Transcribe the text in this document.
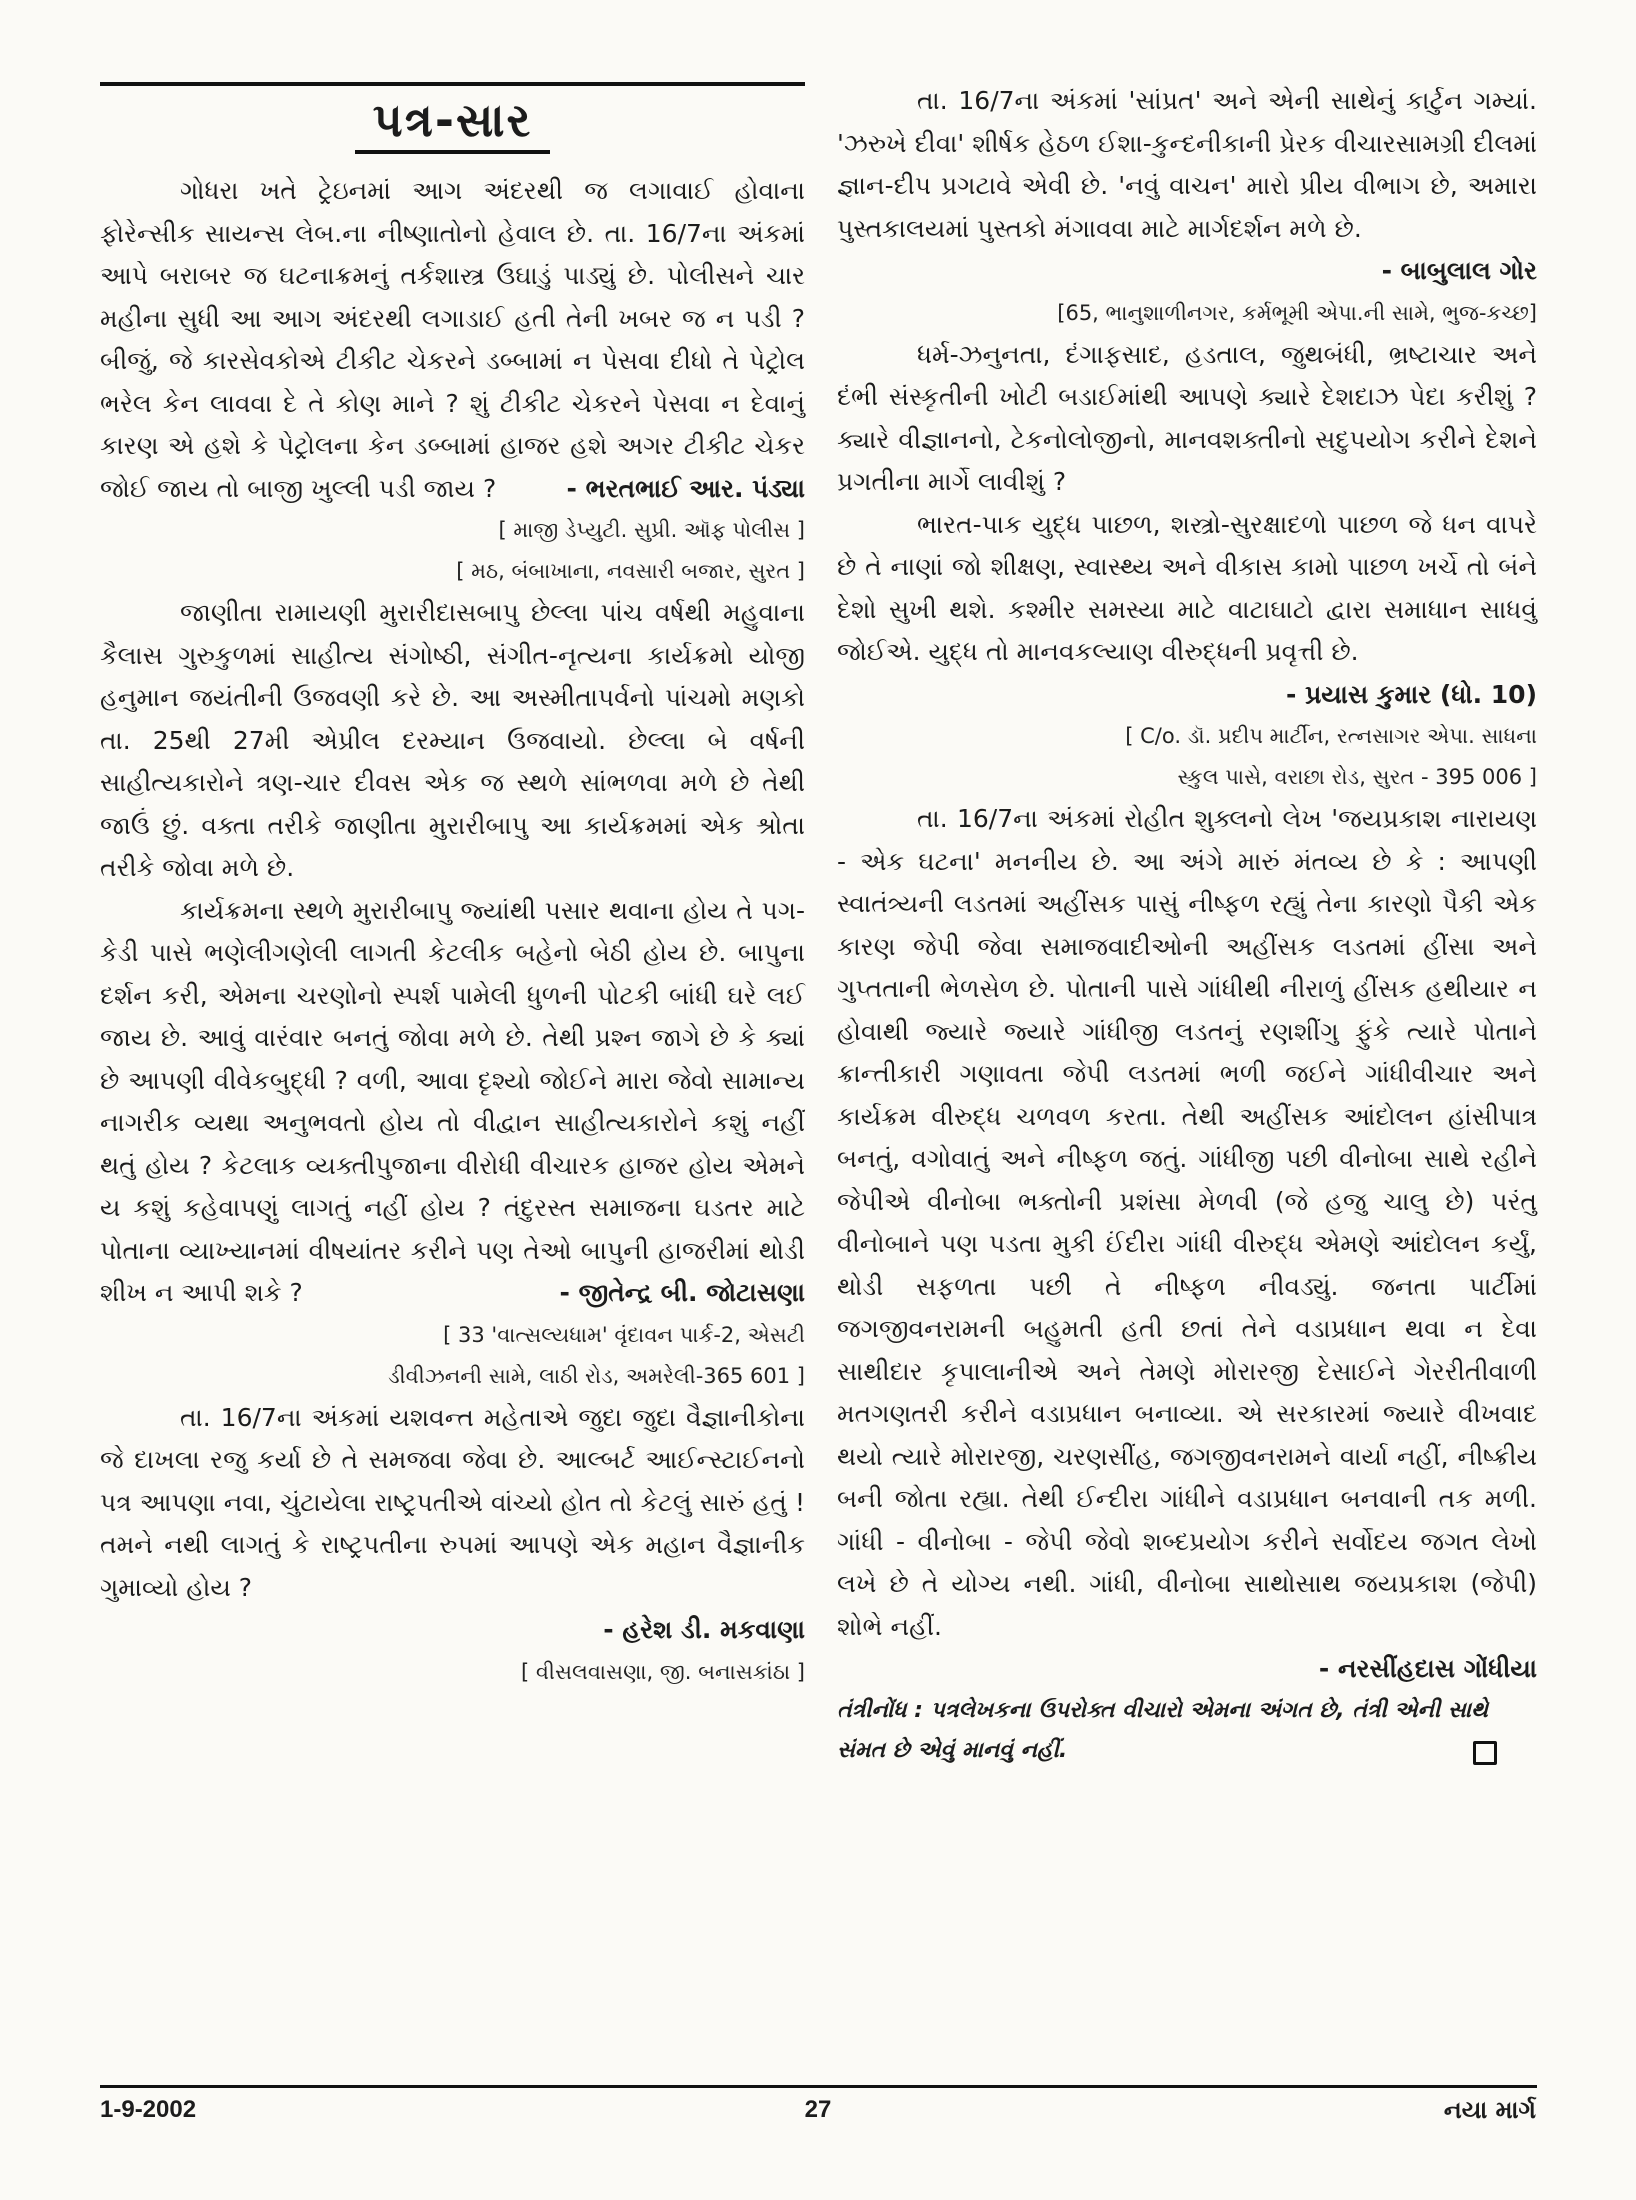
પત્ર-સાર

ગોધરા ખતે ટ્રેઇનમાં આગ અંદરથી જ લગાવાઈ હોવાના ફોરેન્સીક સાયન્સ લેબ.ના નીષ્ણાતોનો હેવાલ છે. તા. 16/7ના અંકમાં આપે બરાબર જ ઘટનાક્રમનું તર્કશાસ્ત્ર ઉઘાડું પાડ્યું છે. પોલીસને ચાર મહીના સુધી આ આગ અંદરથી લગાડાઈ હતી તેની ખબર જ ન પડી ? બીજું, જે કારસેવકોએ ટીકીટ ચેકરને ડબ્બામાં ન પેસવા દીધો તે પેટ્રોલ ભરેલ કેન લાવવા દે તે કોણ માને ? શું ટીકીટ ચેકરને પેસવા ન દેવાનું કારણ એ હશે કે પેટ્રોલના કેન ડબ્બામાં હાજર હશે અગર ટીકીટ ચેકર જોઈ જાય તો બાજી ખુલ્લી પડી જાય ?	- ભરતભાઈ આર. પંડ્યા

[ માજી ડેપ્યુટી. સુપ્રી. ઑફ પોલીસ ]

[ મઠ, બંબાખાના, નવસારી બજાર, સુરત ]

જાણીતા રામાયણી મુરારીદાસબાપુ છેલ્લા પાંચ વર્ષથી મહુવાના કૈલાસ ગુરુકુળમાં સાહીત્ય સંગોષ્ઠી, સંગીત-નૃત્યના કાર્યક્રમો યોજી હનુમાન જયંતીની ઉજવણી કરે છે. આ અસ્મીતાપર્વનો પાંચમો મણકો તા. 25થી 27મી એપ્રીલ દરમ્યાન ઉજવાયો. છેલ્લા બે વર્ષની સાહીત્યકારોને ત્રણ-ચાર દીવસ એક જ સ્થળે સાંભળવા મળે છે તેથી જાઉં છું. વક્તા તરીકે જાણીતા મુરારીબાપુ આ કાર્યક્રમમાં એક શ્રોતા તરીકે જોવા મળે છે.

કાર્યક્રમના સ્થળે મુરારીબાપુ જ્યાંથી પસાર થવાના હોય તે પગ-કેડી પાસે ભણેલીગણેલી લાગતી કેટલીક બહેનો બેઠી હોય છે. બાપુના દર્શન કરી, એમના ચરણોનો સ્પર્શ પામેલી ધુળની પોટકી બાંધી ઘરે લઈ જાય છે. આવું વારંવાર બનતું જોવા મળે છે. તેથી પ્રશ્ન જાગે છે કે ક્યાં છે આપણી વીવેકબુદ્ધી ? વળી, આવા દૃશ્યો જોઈને મારા જેવો સામાન્ય નાગરીક વ્યથા અનુભવતો હોય તો વીદ્વાન સાહીત્યકારોને કશું નહીં થતું હોય ? કેટલાક વ્યક્તીપુજાના વીરોધી વીચારક હાજર હોય એમને ય કશું કહેવાપણું લાગતું નહીં હોય ? તંદુરસ્ત સમાજના ઘડતર માટે પોતાના વ્યાખ્યાનમાં વીષયાંતર કરીને પણ તેઓ બાપુની હાજરીમાં થોડી શીખ ન આપી શકે ?	- જીતેન્દ્ર બી. જોટાસણા

[ 33 'વાત્સલ્યધામ' વૃંદાવન પાર્ક-2, એસટી

ડીવીઝનની સામે, લાઠી રોડ, અમરેલી-365 601 ]

તા. 16/7ના અંકમાં યશવન્ત મહેતાએ જુદા જુદા વૈજ્ઞાનીકોના જે દાખલા રજુ કર્યા છે તે સમજવા જેવા છે. આલ્બર્ટ આઈન્સ્ટાઈનનો પત્ર આપણા નવા, ચુંટાયેલા રાષ્ટ્રપતીએ વાંચ્યો હોત તો કેટલું સારું હતું ! તમને નથી લાગતું કે રાષ્ટ્રપતીના રુપમાં આપણે એક મહાન વૈજ્ઞાનીક ગુમાવ્યો હોય ?

- હરેશ ડી. મકવાણા

[ વીસલવાસણા, જી. બનાસકાંઠા ]

તા. 16/7ના અંકમાં 'સાંપ્રત' અને એની સાથેનું કાર્ટુન ગમ્યાં. 'ઝરુખે દીવા' શીર્ષક હેઠળ ઈશા-કુન્દનીકાની પ્રેરક વીચારસામગ્રી દીલમાં જ્ઞાન-દીપ પ્રગટાવે એવી છે. 'નવું વાચન' મારો પ્રીય વીભાગ છે, અમારા પુસ્તકાલયમાં પુસ્તકો મંગાવવા માટે માર્ગદર્શન મળે છે.

- બાબુલાલ ગોર

[65, ભાનુશાળીનગર, કર્મભૂમી એપા.ની સામે, ભુજ-કચ્છ]

ધર્મ-ઝનુનતા, દંગાફસાદ, હડતાલ, જુથબંધી, ભ્રષ્ટાચાર અને દંભી સંસ્કૃતીની ખોટી બડાઈમાંથી આપણે ક્યારે દેશદાઝ પેદા કરીશું ? ક્યારે વીજ્ઞાનનો, ટેકનોલોજીનો, માનવશક્તીનો સદુપયોગ કરીને દેશને પ્રગતીના માર્ગે લાવીશું ?

ભારત-પાક યુદ્ધ પાછળ, શસ્ત્રો-સુરક્ષાદળો પાછળ જે ધન વાપરે છે તે નાણાં જો શીક્ષણ, સ્વાસ્થ્ય અને વીકાસ કામો પાછળ ખર્ચે તો બંને દેશો સુખી થશે. કશ્મીર સમસ્યા માટે વાટાઘાટો દ્વારા સમાધાન સાધવું જોઈએ. યુદ્ધ તો માનવકલ્યાણ વીરુદ્ધની પ્રવૃત્તી છે.

- પ્રયાસ કુમાર (ધો. 10)

[ C/o. ડૉ. પ્રદીપ માર્ટીન, રત્નસાગર એપા. સાધના

સ્કુલ પાસે, વરાછા રોડ, સુરત - 395 006 ]

તા. 16/7ના અંકમાં રોહીત શુક્લનો લેખ 'જયપ્રકાશ નારાયણ - એક ઘટના' મનનીય છે. આ અંગે મારું મંતવ્ય છે કે : આપણી સ્વાતંત્ર્યની લડતમાં અહીંસક પાસું નીષ્ફળ રહ્યું તેના કારણો પૈકી એક કારણ જેપી જેવા સમાજવાદીઓની અહીંસક લડતમાં હીંસા અને ગુપ્તતાની ભેળસેળ છે. પોતાની પાસે ગાંધીથી નીરાળું હીંસક હથીયાર ન હોવાથી જ્યારે જ્યારે ગાંધીજી લડતનું રણશીંગુ ફુંકે ત્યારે પોતાને ક્રાન્તીકારી ગણાવતા જેપી લડતમાં ભળી જઈને ગાંધીવીચાર અને કાર્યક્રમ વીરુદ્ધ ચળવળ કરતા. તેથી અહીંસક આંદોલન હાંસીપાત્ર બનતું, વગોવાતું અને નીષ્ફળ જતું. ગાંધીજી પછી વીનોબા સાથે રહીને જેપીએ વીનોબા ભક્તોની પ્રશંસા મેળવી (જે હજુ ચાલુ છે) પરંતુ વીનોબાને પણ પડતા મુકી ઈંદીરા ગાંધી વીરુદ્ધ એમણે આંદોલન કર્યું, થોડી સફળતા પછી તે નીષ્ફળ નીવડ્યું. જનતા પાર્ટીમાં જગજીવનરામની બહુમતી હતી છતાં તેને વડાપ્રધાન થવા ન દેવા સાથીદાર કૃપાલાનીએ અને તેમણે મોરારજી દેસાઈને ગેરરીતીવાળી મતગણતરી કરીને વડાપ્રધાન બનાવ્યા. એ સરકારમાં જ્યારે વીખવાદ થયો ત્યારે મોરારજી, ચરણસીંહ, જગજીવનરામને વાર્યા નહીં, નીષ્ક્રીય બની જોતા રહ્યા. તેથી ઈન્દીરા ગાંધીને વડાપ્રધાન બનવાની તક મળી. ગાંધી - વીનોબા - જેપી જેવો શબ્દપ્રયોગ કરીને સર્વોદય જગત લેખો લખે છે તે યોગ્ય નથી. ગાંધી, વીનોબા સાથોસાથ જયપ્રકાશ (જેપી) શોભે નહીં.

- નરસીંહદાસ ગોંધીયા

તંત્રીનોંધ : પત્રલેખકના ઉપરોક્ત વીચારો એમના અંગત છે, તંત્રી એની સાથે સંમત છે એવું માનવું નહીં.

1-9-2002	27	નયા માર્ગ
